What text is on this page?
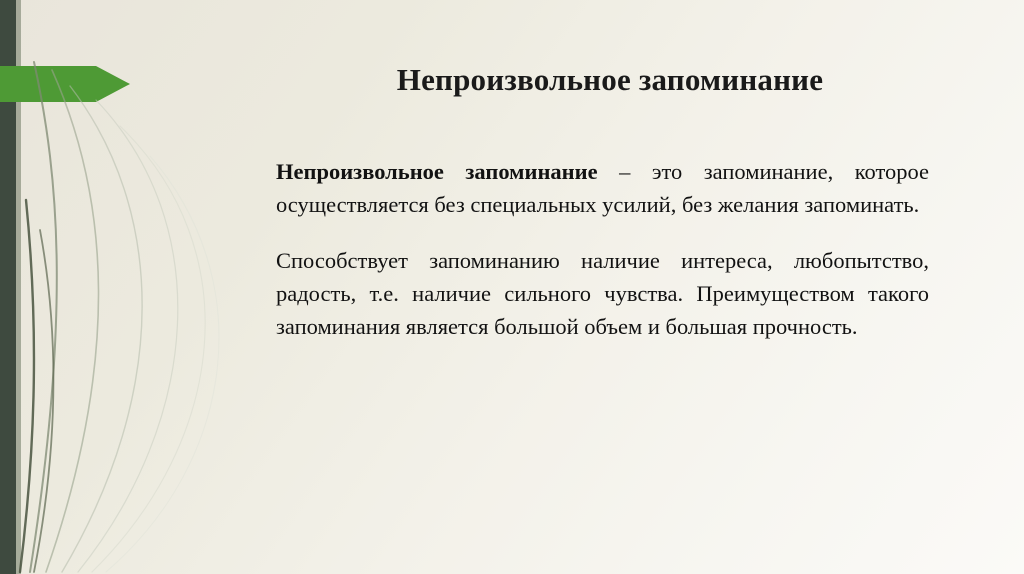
Непроизвольное запоминание

Непроизвольное запоминание – это запоминание, которое осуществляется без специальных усилий, без желания запоминать.

Способствует запоминанию наличие интереса, любопытство, радость, т.е. наличие сильного чувства. Преимуществом такого запоминания является большой объем и большая прочность.
